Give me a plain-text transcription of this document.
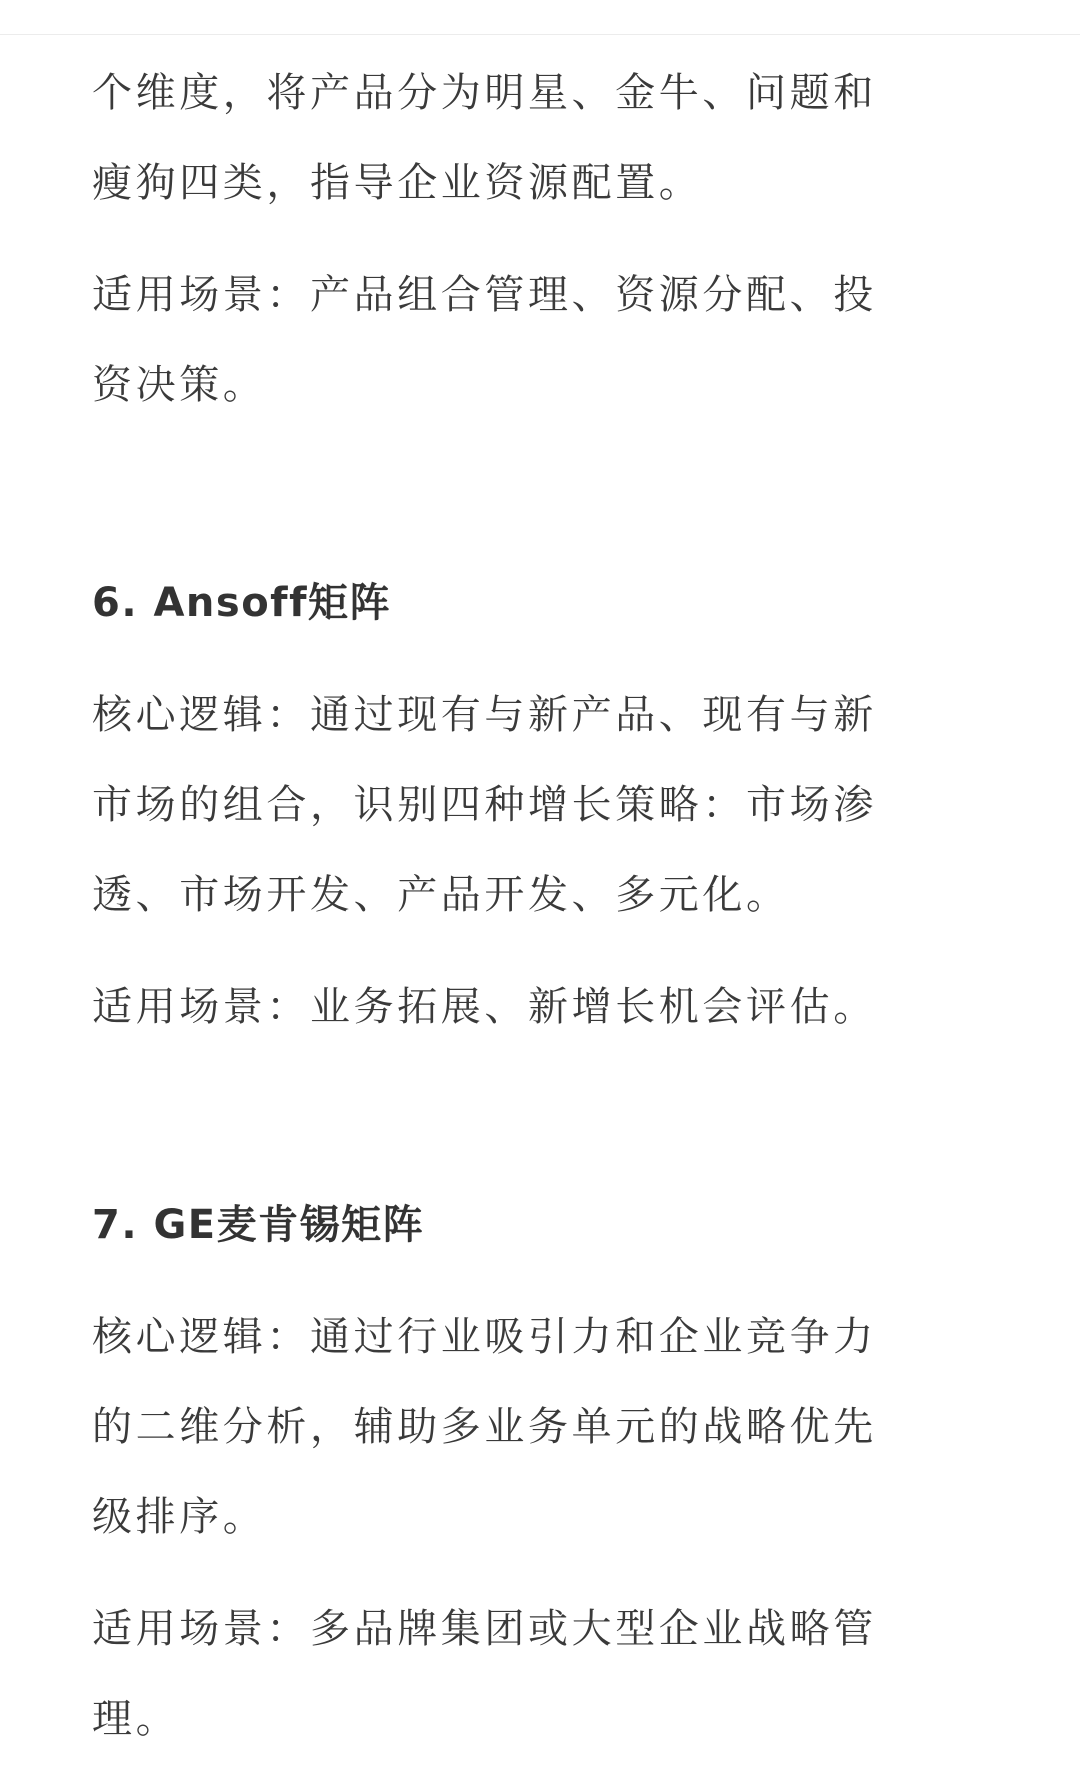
个维度，将产品分为明星、金牛、问题和

瘦狗四类，指导企业资源配置。

适用场景：产品组合管理、资源分配、投

资决策。

6. Ansoff矩阵

核心逻辑：通过现有与新产品、现有与新

市场的组合，识别四种增长策略：市场渗

透、市场开发、产品开发、多元化。

适用场景：业务拓展、新增长机会评估。

7. GE麦肯锡矩阵

核心逻辑：通过行业吸引力和企业竞争力

的二维分析，辅助多业务单元的战略优先

级排序。

适用场景：多品牌集团或大型企业战略管

理。
